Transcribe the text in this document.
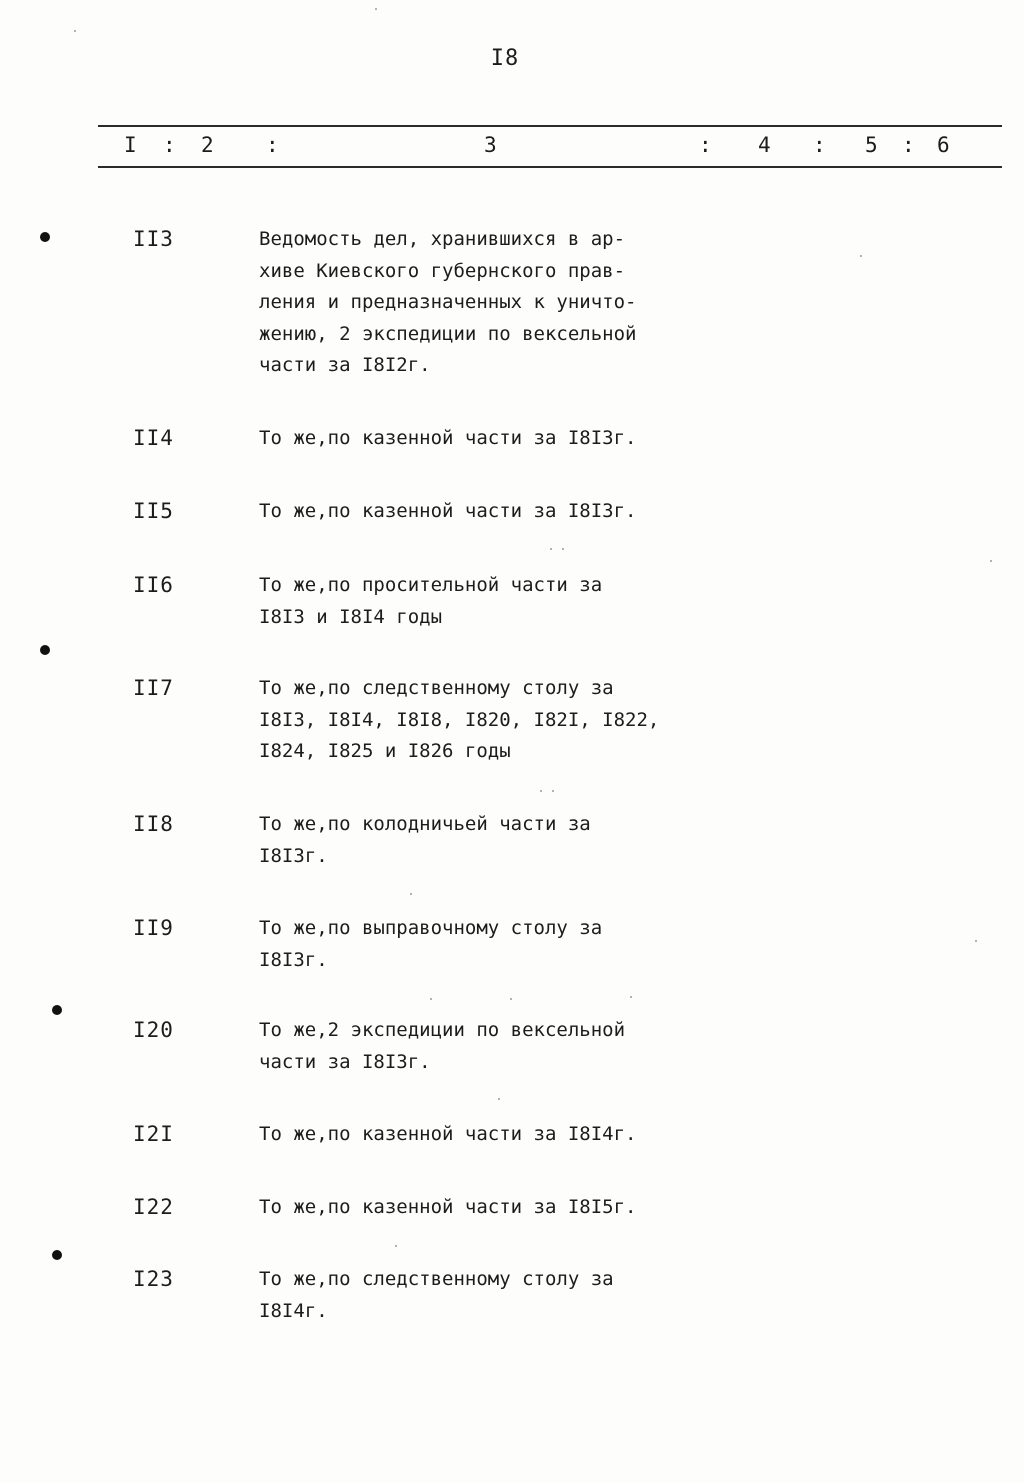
I8
I : 2 :	3	: 4 : 5 : 6
II3	Ведомость дел, хранившихся в ар-
хиве Киевского губернского прав-
ления и предназначенных к уничто-
жению, 2 экспедиции по вексельной
части за I8I2г.
II4	То же,по казенной части за I8I3г.
II5	То же,по казенной части за I8I3г.
II6	То же,по просительной части за
I8I3 и I8I4 годы
II7	То же,по следственному столу за
I8I3, I8I4, I8I8, I820, I82I, I822,
I824, I825 и I826 годы
II8	То же,по колодничьей части за
I8I3г.
II9	То же,по выправочному столу за
I8I3г.
I20	То же,2 экспедиции по вексельной
части за I8I3г.
I2I	То же,по казенной части за I8I4г.
I22	То же,по казенной части за I8I5г.
I23	То же,по следственному столу за
I8I4г.
